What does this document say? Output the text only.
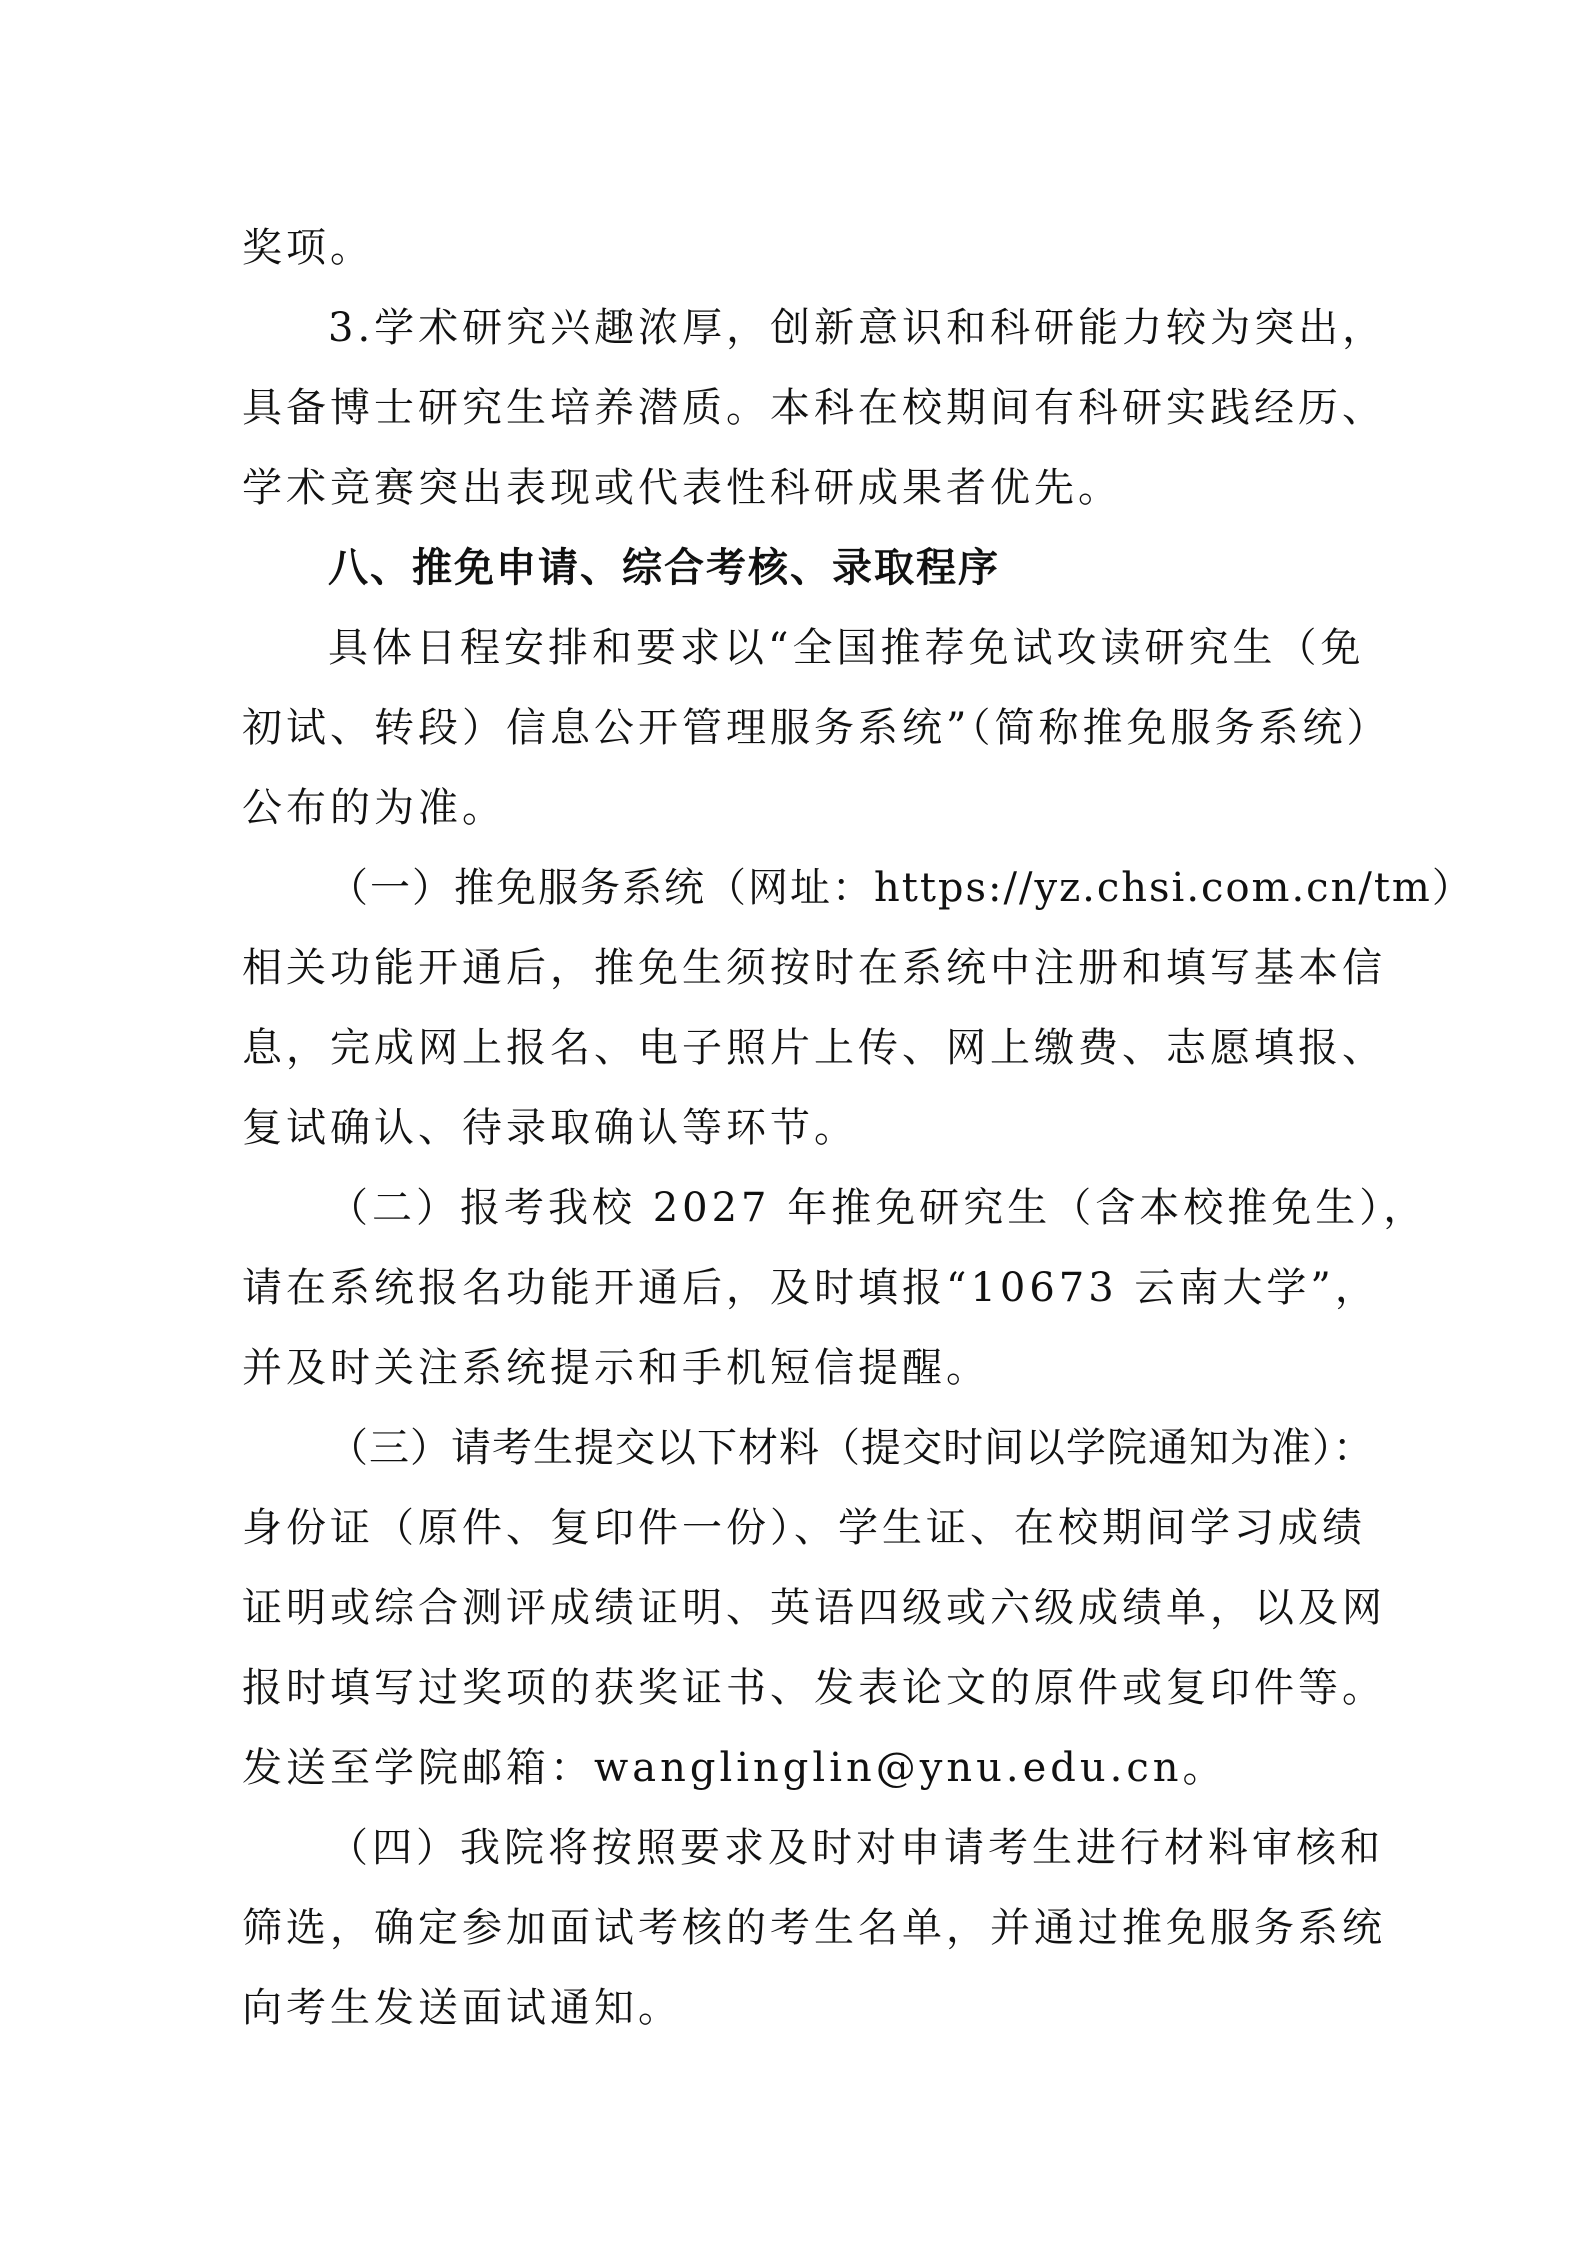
奖项。
3.学术研究兴趣浓厚，创新意识和科研能力较为突出，
具备博士研究生培养潜质。本科在校期间有科研实践经历、
学术竞赛突出表现或代表性科研成果者优先。
八、推免申请、综合考核、录取程序
具体日程安排和要求以“全国推荐免试攻读研究生（免
初试、转段）信息公开管理服务系统”（简称推免服务系统）
公布的为准。
（一）推免服务系统（网址：https://yz.chsi.com.cn/tm）
相关功能开通后，推免生须按时在系统中注册和填写基本信
息，完成网上报名、电子照片上传、网上缴费、志愿填报、
复试确认、待录取确认等环节。
（二）报考我校 2027 年推免研究生（含本校推免生），
请在系统报名功能开通后，及时填报“10673 云南大学”，
并及时关注系统提示和手机短信提醒。
（三）请考生提交以下材料（提交时间以学院通知为准）：
身份证（原件、复印件一份）、学生证、在校期间学习成绩
证明或综合测评成绩证明、英语四级或六级成绩单，以及网
报时填写过奖项的获奖证书、发表论文的原件或复印件等。
发送至学院邮箱：wanglinglin@ynu.edu.cn。
（四）我院将按照要求及时对申请考生进行材料审核和
筛选，确定参加面试考核的考生名单，并通过推免服务系统
向考生发送面试通知。
